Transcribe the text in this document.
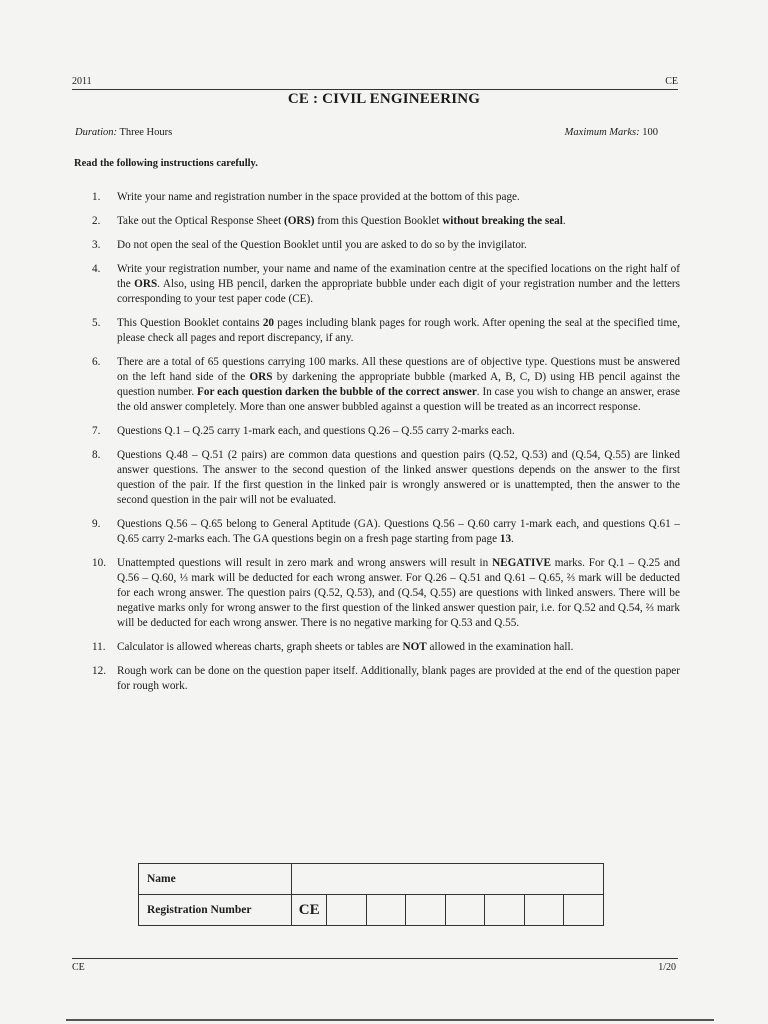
2011	CE
CE : CIVIL ENGINEERING
Duration: Three Hours	Maximum Marks: 100
Read the following instructions carefully.
1. Write your name and registration number in the space provided at the bottom of this page.
2. Take out the Optical Response Sheet (ORS) from this Question Booklet without breaking the seal.
3. Do not open the seal of the Question Booklet until you are asked to do so by the invigilator.
4. Write your registration number, your name and name of the examination centre at the specified locations on the right half of the ORS. Also, using HB pencil, darken the appropriate bubble under each digit of your registration number and the letters corresponding to your test paper code (CE).
5. This Question Booklet contains 20 pages including blank pages for rough work. After opening the seal at the specified time, please check all pages and report discrepancy, if any.
6. There are a total of 65 questions carrying 100 marks. All these questions are of objective type. Questions must be answered on the left hand side of the ORS by darkening the appropriate bubble (marked A, B, C, D) using HB pencil against the question number. For each question darken the bubble of the correct answer. In case you wish to change an answer, erase the old answer completely. More than one answer bubbled against a question will be treated as an incorrect response.
7. Questions Q.1 – Q.25 carry 1-mark each, and questions Q.26 – Q.55 carry 2-marks each.
8. Questions Q.48 – Q.51 (2 pairs) are common data questions and question pairs (Q.52, Q.53) and (Q.54, Q.55) are linked answer questions. The answer to the second question of the linked answer questions depends on the answer to the first question of the pair. If the first question in the linked pair is wrongly answered or is unattempted, then the answer to the second question in the pair will not be evaluated.
9. Questions Q.56 – Q.65 belong to General Aptitude (GA). Questions Q.56 – Q.60 carry 1-mark each, and questions Q.61 – Q.65 carry 2-marks each. The GA questions begin on a fresh page starting from page 13.
10. Unattempted questions will result in zero mark and wrong answers will result in NEGATIVE marks. For Q.1 – Q.25 and Q.56 – Q.60, ⅓ mark will be deducted for each wrong answer. For Q.26 – Q.51 and Q.61 – Q.65, ⅔ mark will be deducted for each wrong answer. The question pairs (Q.52, Q.53), and (Q.54, Q.55) are questions with linked answers. There will be negative marks only for wrong answer to the first question of the linked answer question pair, i.e. for Q.52 and Q.54, ⅔ mark will be deducted for each wrong answer. There is no negative marking for Q.53 and Q.55.
11. Calculator is allowed whereas charts, graph sheets or tables are NOT allowed in the examination hall.
12. Rough work can be done on the question paper itself. Additionally, blank pages are provided at the end of the question paper for rough work.
Name								
Registration Number	CE							
CE	1/20
